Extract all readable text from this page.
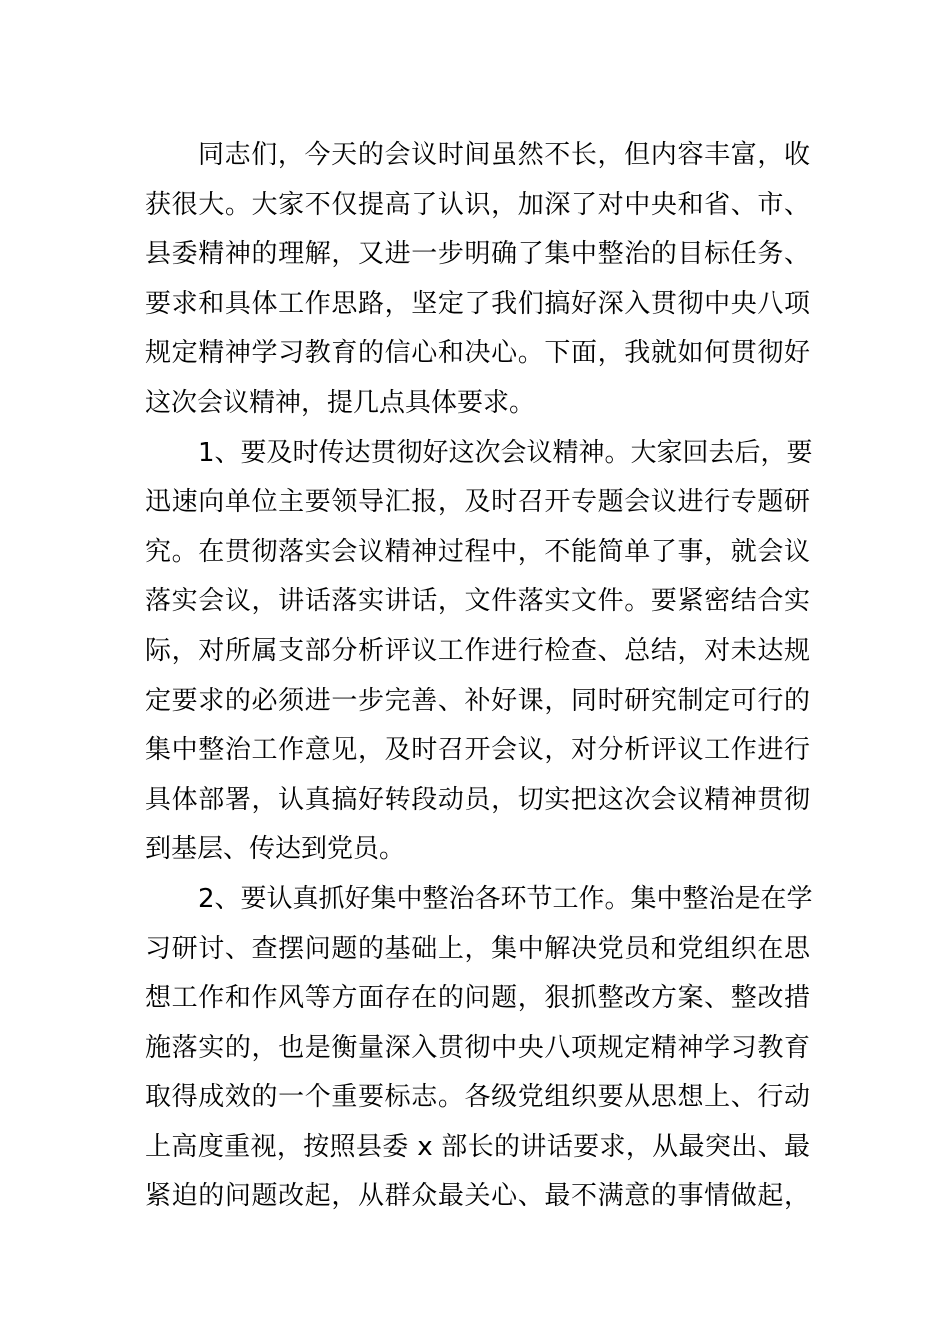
同志们，今天的会议时间虽然不长，但内容丰富，收
获很大。大家不仅提高了认识，加深了对中央和省、市、
县委精神的理解，又进一步明确了集中整治的目标任务、
要求和具体工作思路，坚定了我们搞好深入贯彻中央八项
规定精神学习教育的信心和决心。下面，我就如何贯彻好
这次会议精神，提几点具体要求。
1、要及时传达贯彻好这次会议精神。大家回去后，要
迅速向单位主要领导汇报，及时召开专题会议进行专题研
究。在贯彻落实会议精神过程中，不能简单了事，就会议
落实会议，讲话落实讲话，文件落实文件。要紧密结合实
际，对所属支部分析评议工作进行检查、总结，对未达规
定要求的必须进一步完善、补好课，同时研究制定可行的
集中整治工作意见，及时召开会议，对分析评议工作进行
具体部署，认真搞好转段动员，切实把这次会议精神贯彻
到基层、传达到党员。
2、要认真抓好集中整治各环节工作。集中整治是在学
习研讨、查摆问题的基础上，集中解决党员和党组织在思
想工作和作风等方面存在的问题，狠抓整改方案、整改措
施落实的，也是衡量深入贯彻中央八项规定精神学习教育
取得成效的一个重要标志。各级党组织要从思想上、行动
上高度重视，按照县委 x 部长的讲话要求，从最突出、最
紧迫的问题改起，从群众最关心、最不满意的事情做起，
